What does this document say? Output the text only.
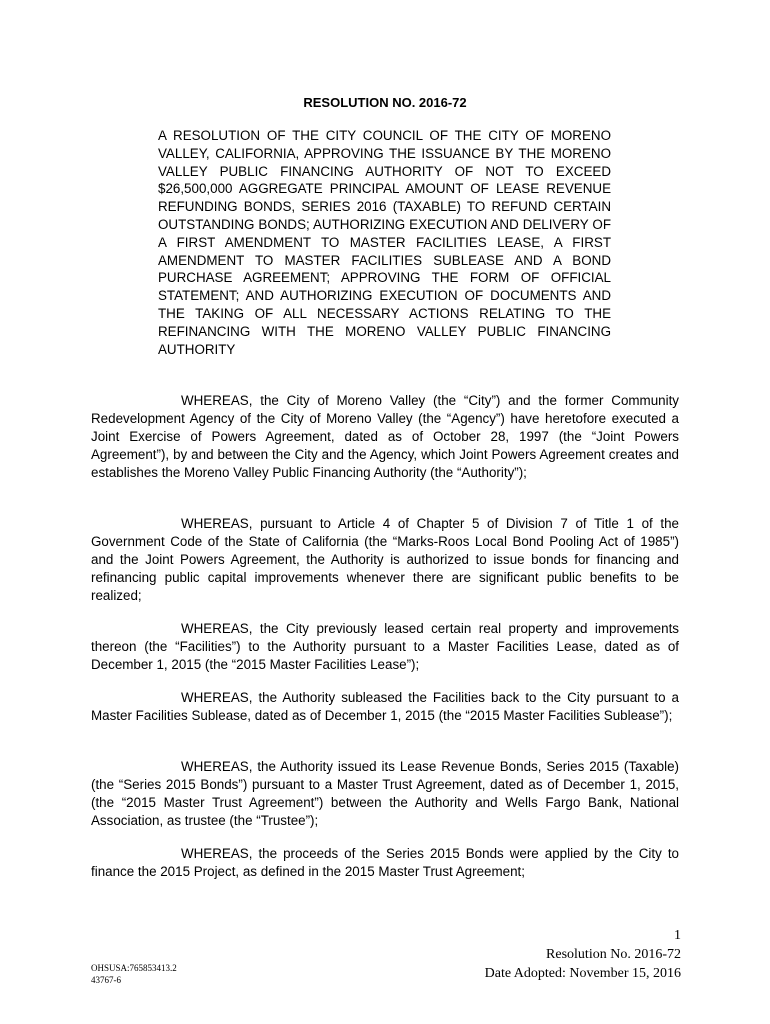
RESOLUTION NO. 2016-72
A RESOLUTION OF THE CITY COUNCIL OF THE CITY OF MORENO VALLEY, CALIFORNIA, APPROVING THE ISSUANCE BY THE MORENO VALLEY PUBLIC FINANCING AUTHORITY OF NOT TO EXCEED $26,500,000 AGGREGATE PRINCIPAL AMOUNT OF LEASE REVENUE REFUNDING BONDS, SERIES 2016 (TAXABLE) TO REFUND CERTAIN OUTSTANDING BONDS; AUTHORIZING EXECUTION AND DELIVERY OF A FIRST AMENDMENT TO MASTER FACILITIES LEASE, A FIRST AMENDMENT TO MASTER FACILITIES SUBLEASE AND A BOND PURCHASE AGREEMENT; APPROVING THE FORM OF OFFICIAL STATEMENT; AND AUTHORIZING EXECUTION OF DOCUMENTS AND THE TAKING OF ALL NECESSARY ACTIONS RELATING TO THE REFINANCING WITH THE MORENO VALLEY PUBLIC FINANCING AUTHORITY

WHEREAS, the City of Moreno Valley (the “City”) and the former Community Redevelopment Agency of the City of Moreno Valley (the “Agency”) have heretofore executed a Joint Exercise of Powers Agreement, dated as of October 28, 1997 (the “Joint Powers Agreement”), by and between the City and the Agency, which Joint Powers Agreement creates and establishes the Moreno Valley Public Financing Authority (the “Authority”);

WHEREAS, pursuant to Article 4 of Chapter 5 of Division 7 of Title 1 of the Government Code of the State of California (the “Marks-Roos Local Bond Pooling Act of 1985”) and the Joint Powers Agreement, the Authority is authorized to issue bonds for financing and refinancing public capital improvements whenever there are significant public benefits to be realized;

WHEREAS, the City previously leased certain real property and improvements thereon (the “Facilities”) to the Authority pursuant to a Master Facilities Lease, dated as of December 1, 2015 (the “2015 Master Facilities Lease”);

WHEREAS, the Authority subleased the Facilities back to the City pursuant to a Master Facilities Sublease, dated as of December 1, 2015 (the “2015 Master Facilities Sublease”);

WHEREAS, the Authority issued its Lease Revenue Bonds, Series 2015 (Taxable) (the “Series 2015 Bonds”) pursuant to a Master Trust Agreement, dated as of December 1, 2015, (the “2015 Master Trust Agreement”) between the Authority and Wells Fargo Bank, National Association, as trustee (the “Trustee”);

WHEREAS, the proceeds of the Series 2015 Bonds were applied by the City to finance the 2015 Project, as defined in the 2015 Master Trust Agreement;

1
Resolution No. 2016-72
Date Adopted: November 15, 2016
OHSUSA:765853413.2
43767-6
